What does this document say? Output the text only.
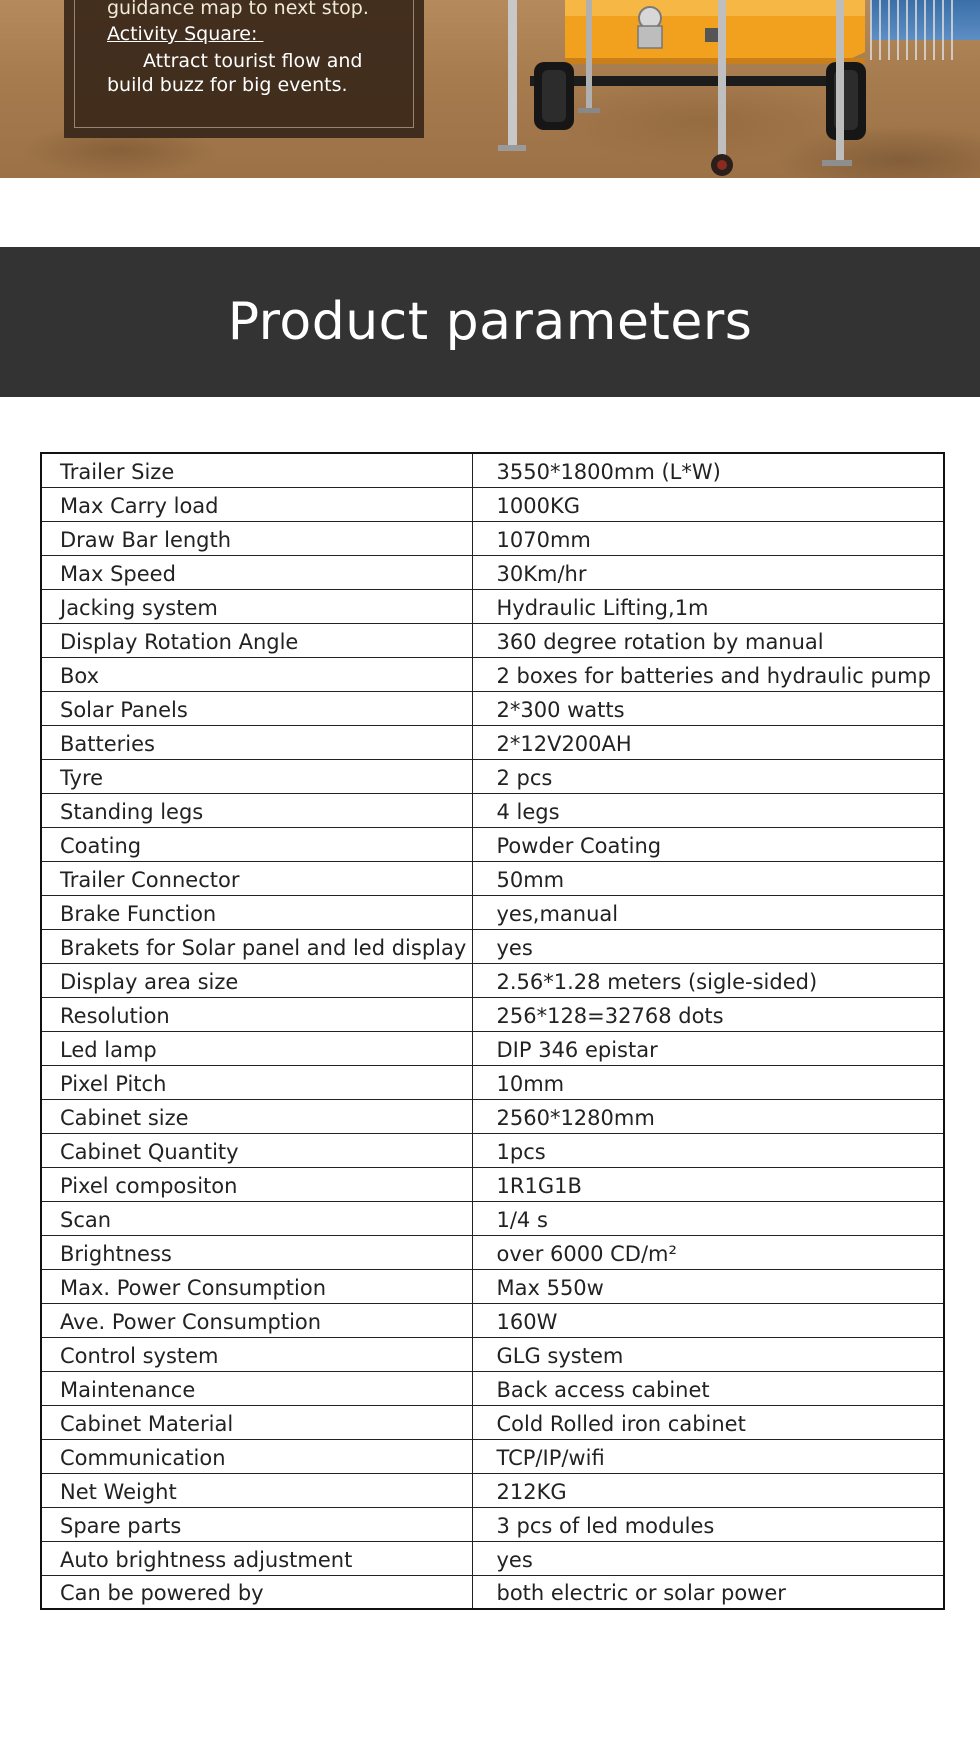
guidance map to next stop.
Activity Square:
Attract tourist flow and build buzz for big events.
Product parameters
Trailer Size	3550*1800mm (L*W)
Max Carry load	1000KG
Draw Bar length	1070mm
Max Speed	30Km/hr
Jacking system	Hydraulic Lifting,1m
Display Rotation Angle	360 degree rotation by manual
Box	2 boxes for batteries and hydraulic pump
Solar Panels	2*300 watts
Batteries	2*12V200AH
Tyre	2 pcs
Standing legs	4 legs
Coating	Powder Coating
Trailer Connector	50mm
Brake Function	yes,manual
Brakets for Solar panel and led display	yes
Display area size	2.56*1.28 meters (sigle-sided)
Resolution	256*128=32768 dots
Led lamp	DIP 346 epistar
Pixel Pitch	10mm
Cabinet size	2560*1280mm
Cabinet Quantity	1pcs
Pixel compositon	1R1G1B
Scan	1/4 s
Brightness	over 6000 CD/m²
Max. Power Consumption	Max 550w
Ave. Power Consumption	160W
Control system	GLG system
Maintenance	Back access cabinet
Cabinet Material	Cold Rolled iron cabinet
Communication	TCP/IP/wifi
Net Weight	212KG
Spare parts	3 pcs of led modules
Auto brightness adjustment	yes
Can be powered by	both electric or solar power
